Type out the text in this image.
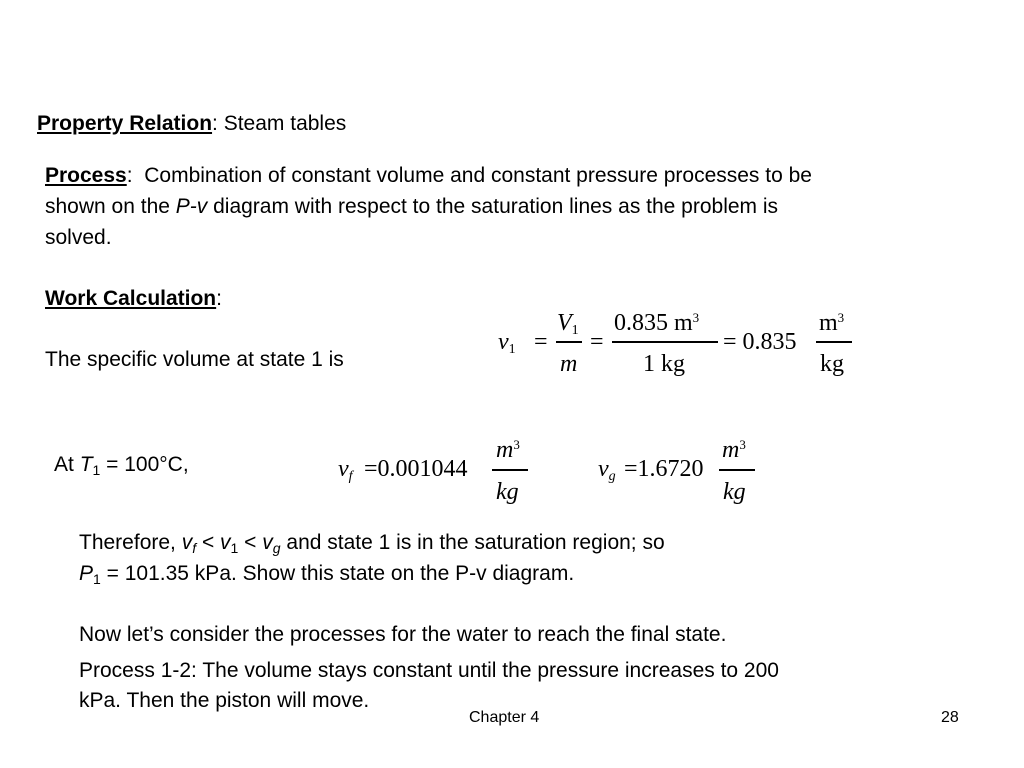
Property Relation: Steam tables
Process: Combination of constant volume and constant pressure processes to be
shown on the P-v diagram with respect to the saturation lines as the problem is
solved.
Work Calculation:
The specific volume at state 1 is
$v_1$ =
$V_1$
m
=
0.835 $m^3$
1 kg
= 0.835
$m^3$
kg
At $T_1 = 100^\circ C$,	$v_f =0.001044$
$m^3$
kg
$v_g =1.6720$
$m^3$
kg
Therefore, $v_f < v_1 < v_g$ and state 1 is in the saturation region; so
$P_1 = 101.35$ kPa. Show this state on the P-v diagram.
Now let’s consider the processes for the water to reach the final state.
Process 1-2: The volume stays constant until the pressure increases to 200
kPa. Then the piston will move.
Chapter 4	28
